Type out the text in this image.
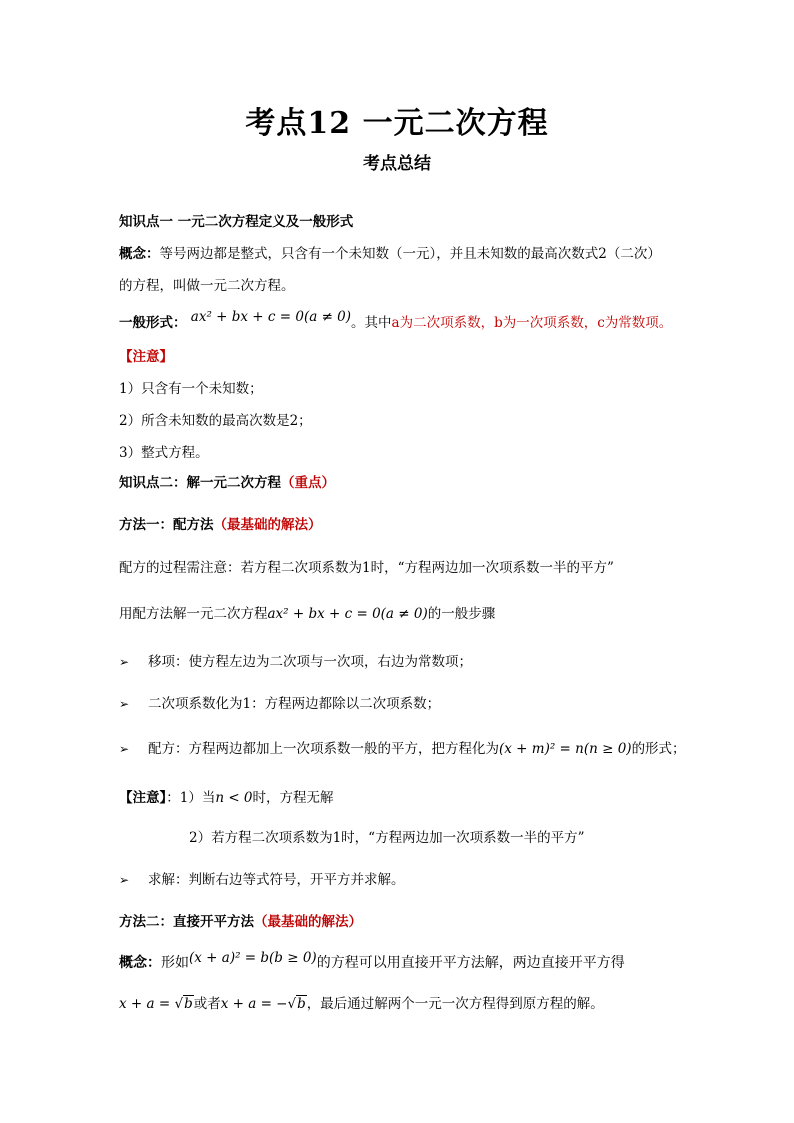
考点12 一元二次方程
考点总结
知识点一 一元二次方程定义及一般形式
概念：等号两边都是整式，只含有一个未知数（一元），并且未知数的最高次数式2（二次）
的方程，叫做一元二次方程。
一般形式： ax² + bx + c = 0(a ≠ 0)。其中a为二次项系数，b为一次项系数，c为常数项。
【注意】
1）只含有一个未知数；
2）所含未知数的最高次数是2；
3）整式方程。
知识点二：解一元二次方程（重点）
方法一：配方法（最基础的解法）
配方的过程需注意：若方程二次项系数为1时，“方程两边加一次项系数一半的平方”
用配方法解一元二次方程ax² + bx + c = 0(a ≠ 0)的一般步骤
➢ 移项：使方程左边为二次项与一次项，右边为常数项；
➢ 二次项系数化为1：方程两边都除以二次项系数；
➢ 配方：方程两边都加上一次项系数一般的平方，把方程化为(x + m)² = n(n ≥ 0)的形式；
【注意】：1）当n < 0时，方程无解
2）若方程二次项系数为1时，“方程两边加一次项系数一半的平方”
➢ 求解：判断右边等式符号，开平方并求解。
方法二：直接开平方法（最基础的解法）
概念：形如(x + a)² = b(b ≥ 0)的方程可以用直接开平方法解，两边直接开平方得
x + a = √b或者x + a = −√b，最后通过解两个一元一次方程得到原方程的解。
